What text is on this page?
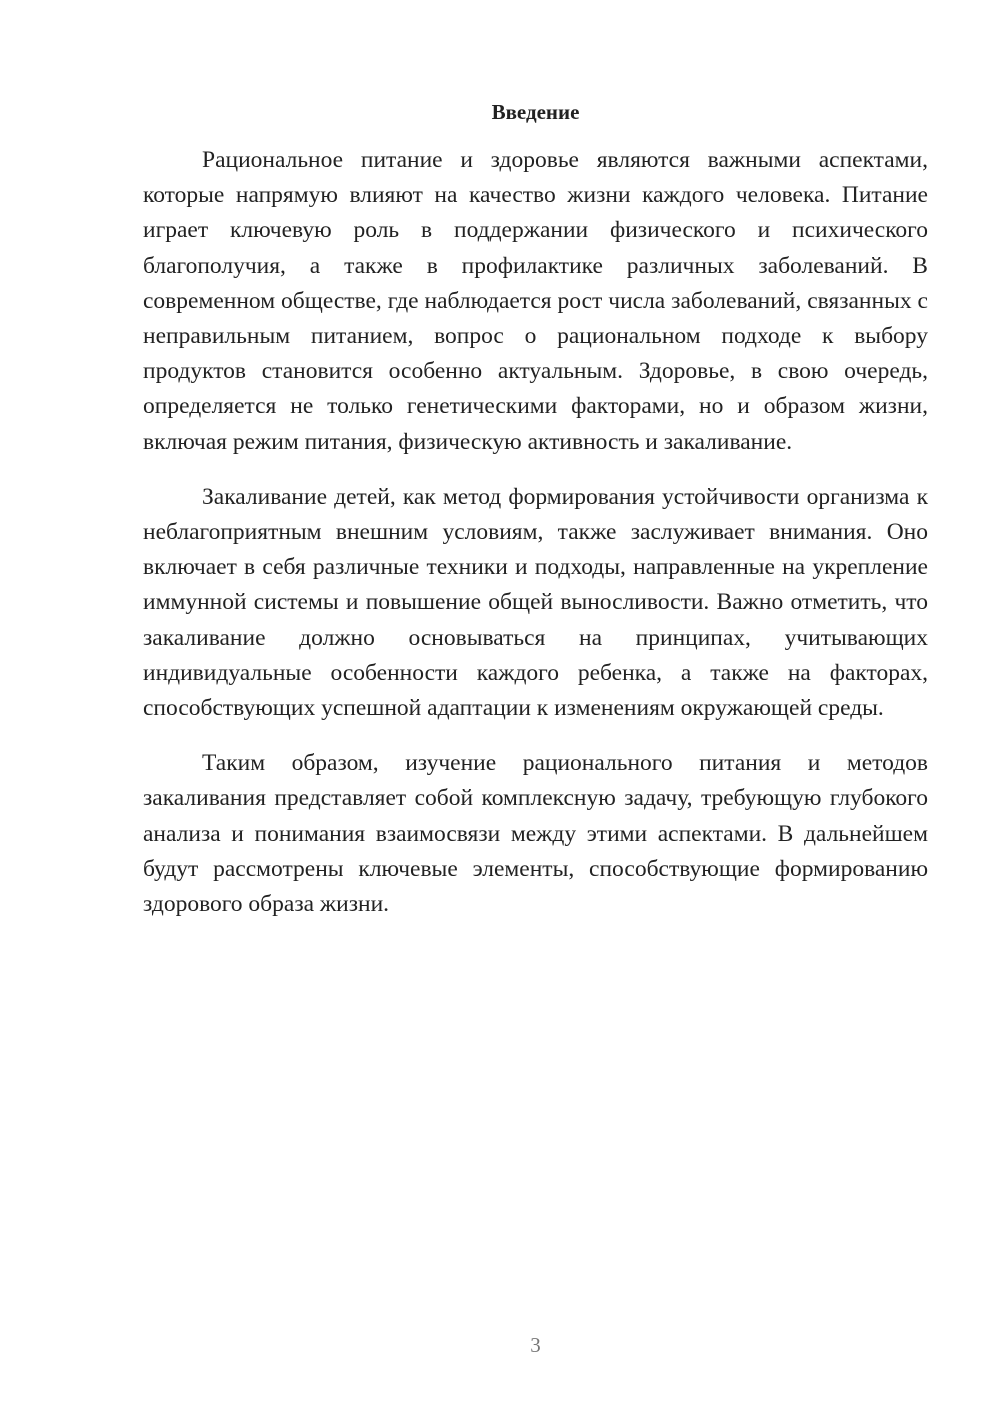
Введение

Рациональное питание и здоровье являются важными аспектами, которые напрямую влияют на качество жизни каждого человека. Питание играет ключевую роль в поддержании физического и психического благополучия, а также в профилактике различных заболеваний. В современном обществе, где наблюдается рост числа заболеваний, связанных с неправильным питанием, вопрос о рациональном подходе к выбору продуктов становится особенно актуальным. Здоровье, в свою очередь, определяется не только генетическими факторами, но и образом жизни, включая режим питания, физическую активность и закаливание.

Закаливание детей, как метод формирования устойчивости организма к неблагоприятным внешним условиям, также заслуживает внимания. Оно включает в себя различные техники и подходы, направленные на укрепление иммунной системы и повышение общей выносливости. Важно отметить, что закаливание должно основываться на принципах, учитывающих индивидуальные особенности каждого ребенка, а также на факторах, способствующих успешной адаптации к изменениям окружающей среды.

Таким образом, изучение рационального питания и методов закаливания представляет собой комплексную задачу, требующую глубокого анализа и понимания взаимосвязи между этими аспектами. В дальнейшем будут рассмотрены ключевые элементы, способствующие формированию здорового образа жизни.

3
